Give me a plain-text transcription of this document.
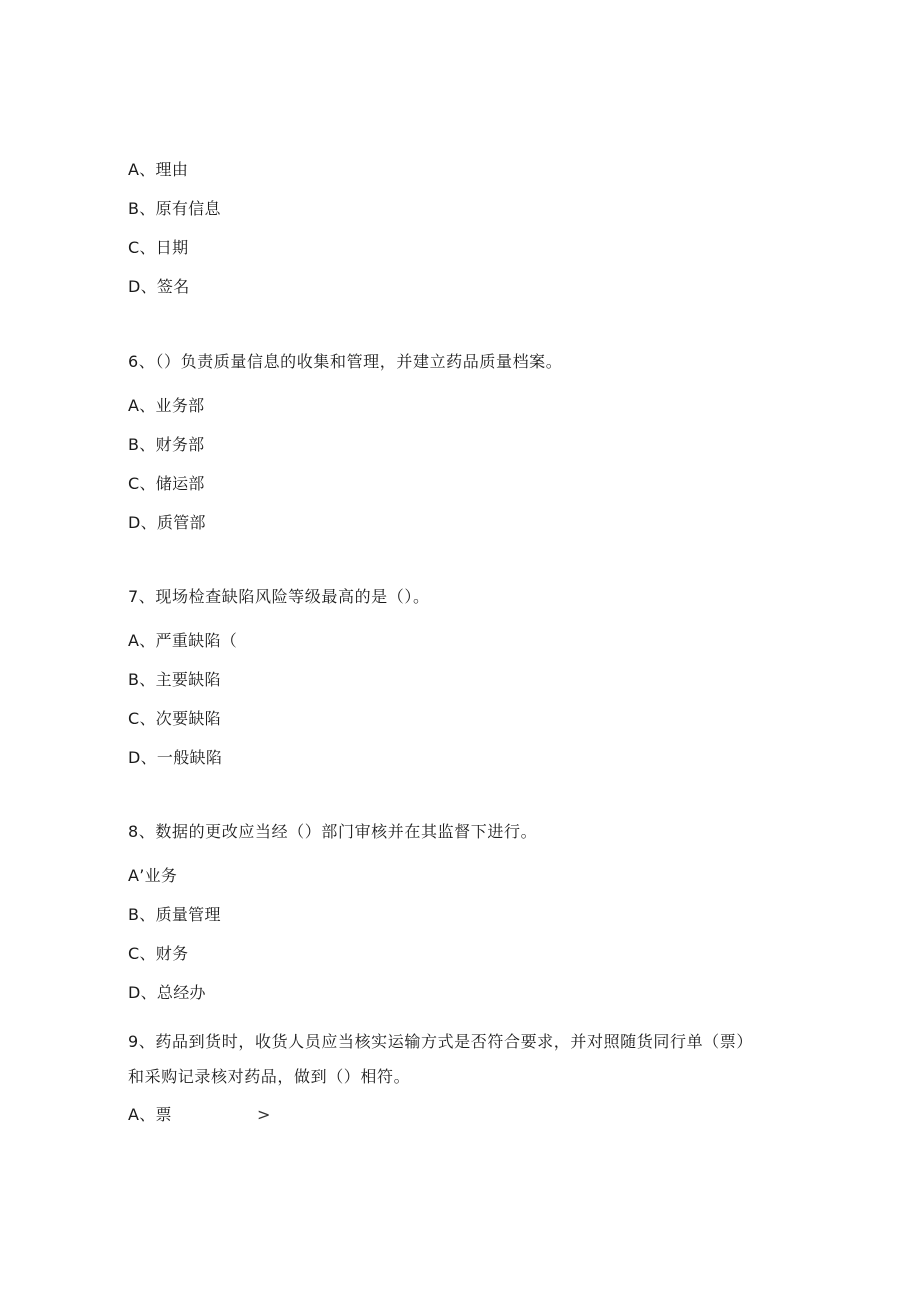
A、理由
B、原有信息
C、日期
D、签名
6、（）负责质量信息的收集和管理，并建立药品质量档案。
A、业务部
B、财务部
C、储运部
D、质管部
7、现场检查缺陷风险等级最高的是（）。
A、严重缺陷（
B、主要缺陷
C、次要缺陷
D、一般缺陷
8、数据的更改应当经（）部门审核并在其监督下进行。
A’业务
B、质量管理
C、财务
D、总经办
9、药品到货时，收货人员应当核实运输方式是否符合要求，并对照随货同行单（票）
和采购记录核对药品，做到（）相符。
A、票	>
